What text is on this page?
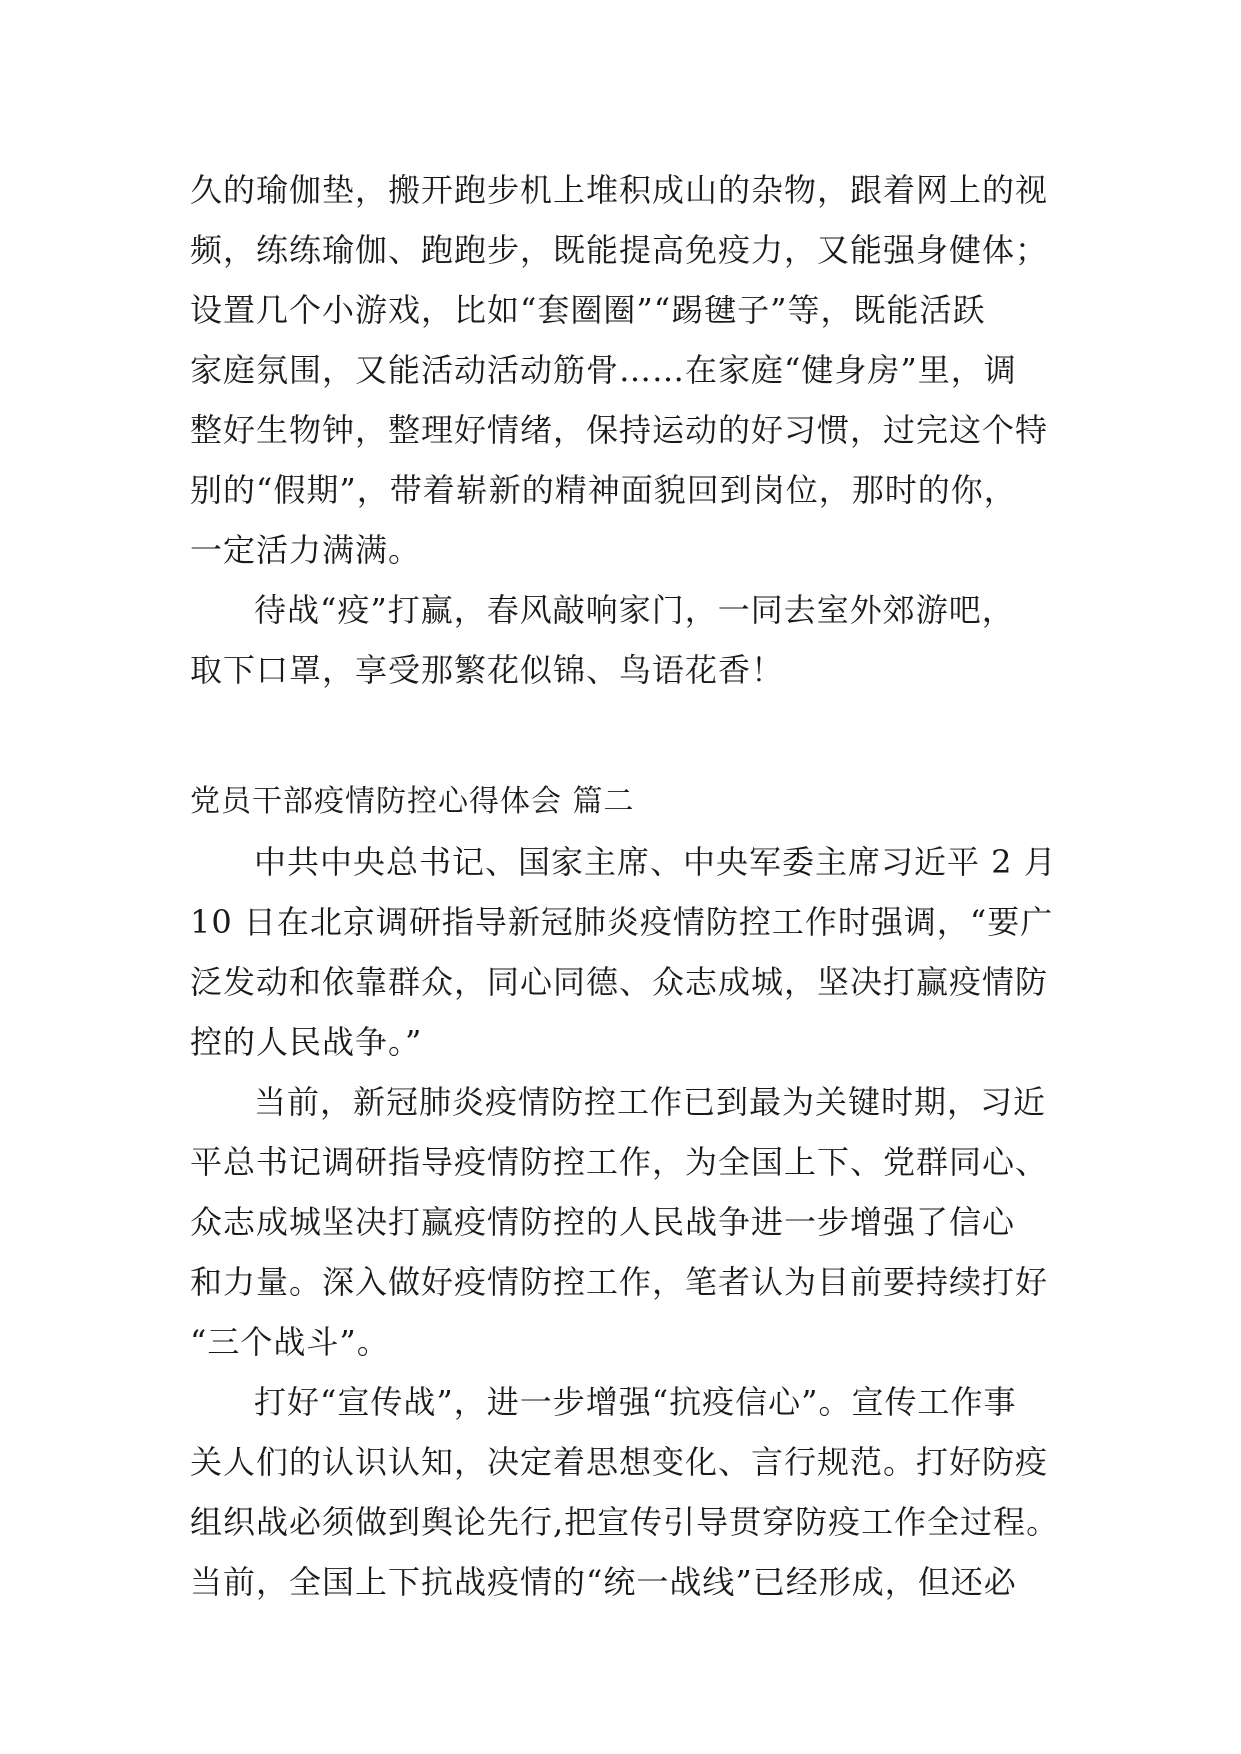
久的瑜伽垫，搬开跑步机上堆积成山的杂物，跟着网上的视
频，练练瑜伽、跑跑步，既能提高免疫力，又能强身健体；
设置几个小游戏，比如“套圈圈”“踢毽子”等，既能活跃
家庭氛围，又能活动活动筋骨……在家庭“健身房”里，调
整好生物钟，整理好情绪，保持运动的好习惯，过完这个特
别的“假期”，带着崭新的精神面貌回到岗位，那时的你，
一定活力满满。
待战“疫”打赢，春风敲响家门，一同去室外郊游吧，
取下口罩，享受那繁花似锦、鸟语花香！
党员干部疫情防控心得体会 篇二
中共中央总书记、国家主席、中央军委主席习近平 2 月
10 日在北京调研指导新冠肺炎疫情防控工作时强调，“要广
泛发动和依靠群众，同心同德、众志成城，坚决打赢疫情防
控的人民战争。”
当前，新冠肺炎疫情防控工作已到最为关键时期，习近
平总书记调研指导疫情防控工作，为全国上下、党群同心、
众志成城坚决打赢疫情防控的人民战争进一步增强了信心
和力量。深入做好疫情防控工作，笔者认为目前要持续打好
“三个战斗”。
打好“宣传战”，进一步增强“抗疫信心”。宣传工作事
关人们的认识认知，决定着思想变化、言行规范。打好防疫
组织战必须做到舆论先行,把宣传引导贯穿防疫工作全过程。
当前，全国上下抗战疫情的“统一战线”已经形成，但还必
